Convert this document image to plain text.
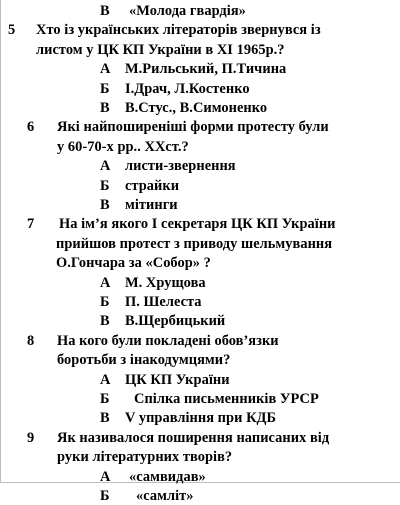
В «Молода гвардія»
5 Хто із українських літераторів звернувся із
листом у ЦК КП України в ХІ 1965р.?
А М.Рильський, П.Тичина
Б І.Драч, Л.Костенко
В В.Стус., В.Симоненко
6 Які найпоширеніші форми протесту були
у 60-70-х рр.. ХХст.?
А листи-звернення
Б страйки
В мітинги
7 На ім’я якого І секретаря ЦК КП України
прийшов протест з приводу шельмування
О.Гончара за «Собор» ?
А М. Хрущова
Б П. Шелеста
В В.Щербицький
8 На кого були покладені обов’язки
боротьби з інакодумцями?
А ЦК КП України
Б Спілка письменників УРСР
В V управління при КДБ
9 Як називалося поширення написаних від
руки літературних творів?
А «самвидав»
Б «самліт»
